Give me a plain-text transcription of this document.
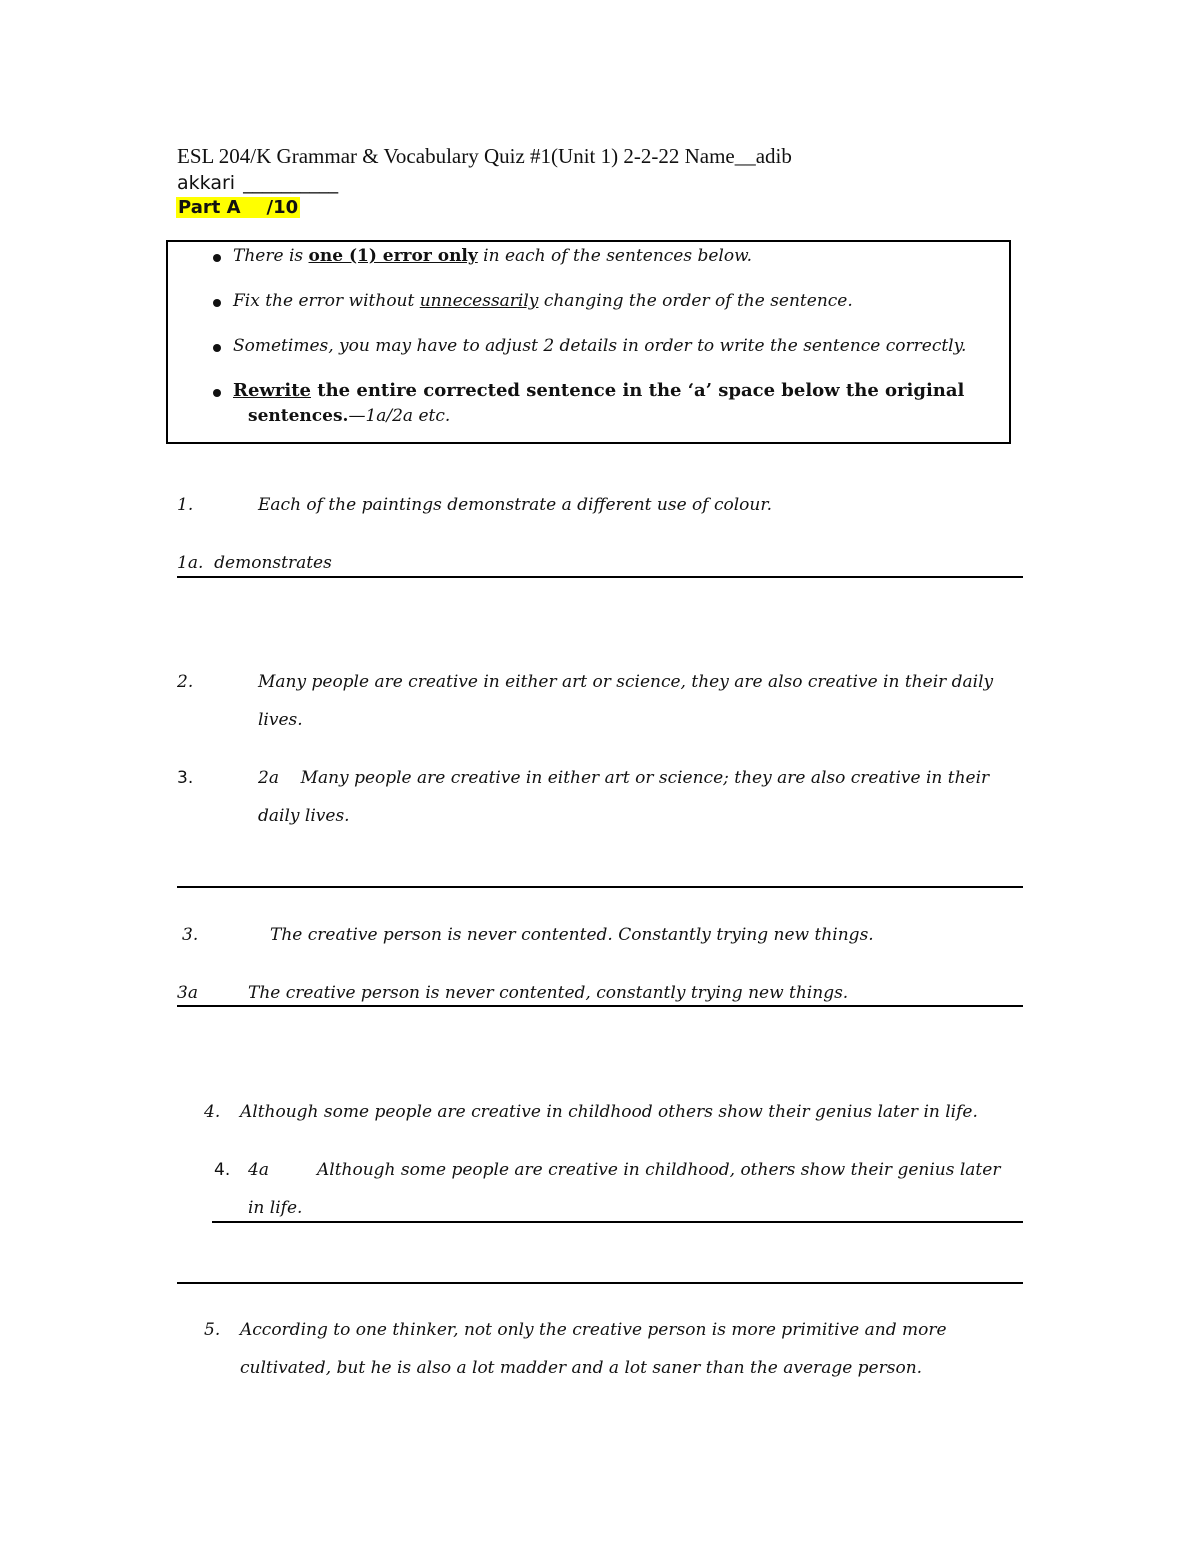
ESL 204/K Grammar & Vocabulary Quiz #1(Unit 1) 2-2-22 Name__adib
akkari __________
Part A /10
There is one (1) error only in each of the sentences below.
Fix the error without unnecessarily changing the order of the sentence.
Sometimes, you may have to adjust 2 details in order to write the sentence correctly.
Rewrite the entire corrected sentence in the ‘a’ space below the original
sentences.—1a/2a etc.
1.	Each of the paintings demonstrate a different use of colour.
1a.  demonstrates
2.	Many people are creative in either art or science, they are also creative in their daily
lives.
3.	2a    Many people are creative in either art or science; they are also creative in their
daily lives.
3.	The creative person is never contented. Constantly trying new things.
3a	The creative person is never contented, constantly trying new things.
4. Although some people are creative in childhood others show their genius later in life.
4. 4a	Although some people are creative in childhood, others show their genius later
in life.
5. According to one thinker, not only the creative person is more primitive and more
cultivated, but he is also a lot madder and a lot saner than the average person.
